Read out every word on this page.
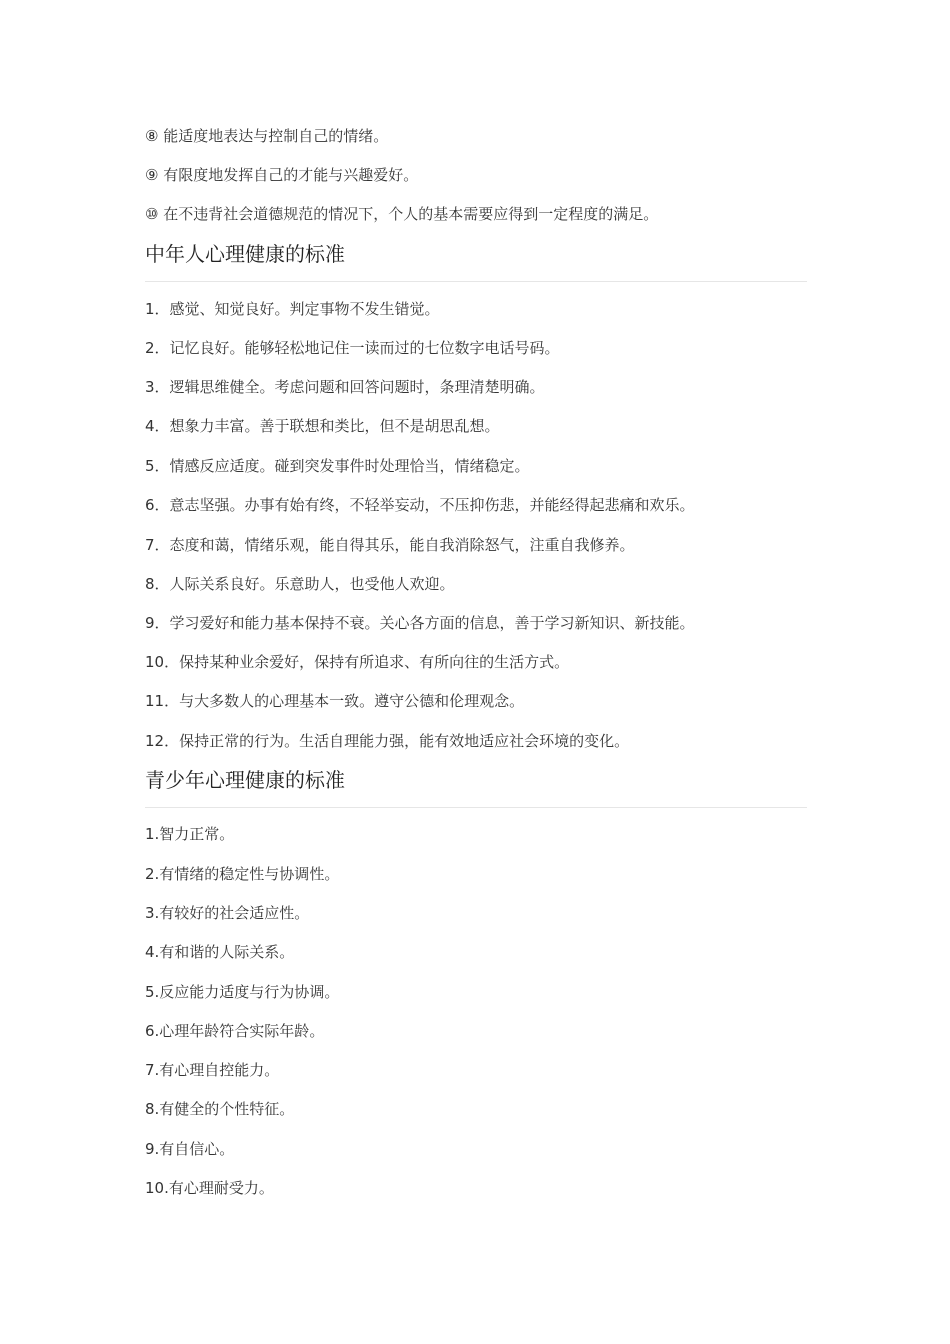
⑧ 能适度地表达与控制自己的情绪。
⑨ 有限度地发挥自己的才能与兴趣爱好。
⑩ 在不违背社会道德规范的情况下，个人的基本需要应得到一定程度的满足。
中年人心理健康的标准
1．感觉、知觉良好。判定事物不发生错觉。
2．记忆良好。能够轻松地记住一读而过的七位数字电话号码。
3．逻辑思维健全。考虑问题和回答问题时，条理清楚明确。
4．想象力丰富。善于联想和类比，但不是胡思乱想。
5．情感反应适度。碰到突发事件时处理恰当，情绪稳定。
6．意志坚强。办事有始有终，不轻举妄动，不压抑伤悲，并能经得起悲痛和欢乐。
7．态度和蔼，情绪乐观，能自得其乐，能自我消除怒气，注重自我修养。
8．人际关系良好。乐意助人，也受他人欢迎。
9．学习爱好和能力基本保持不衰。关心各方面的信息，善于学习新知识、新技能。
10．保持某种业余爱好，保持有所追求、有所向往的生活方式。
11．与大多数人的心理基本一致。遵守公德和伦理观念。
12．保持正常的行为。生活自理能力强，能有效地适应社会环境的变化。
青少年心理健康的标准
1.智力正常。
2.有情绪的稳定性与协调性。
3.有较好的社会适应性。
4.有和谐的人际关系。
5.反应能力适度与行为协调。
6.心理年龄符合实际年龄。
7.有心理自控能力。
8.有健全的个性特征。
9.有自信心。
10.有心理耐受力。
